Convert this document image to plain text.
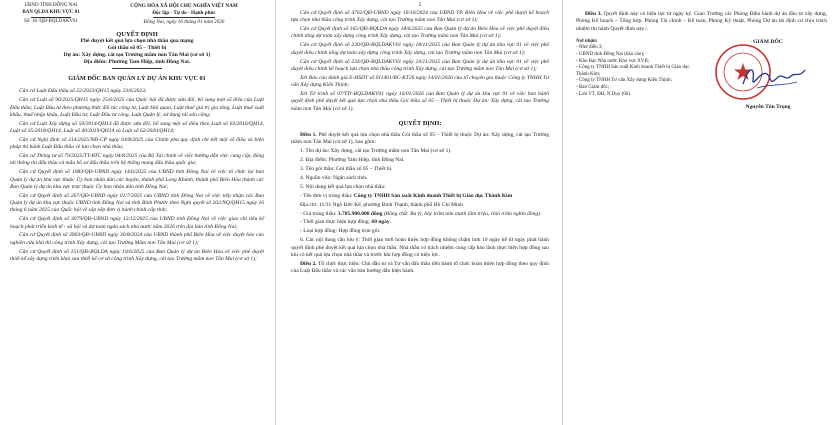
UBND TỈNH ĐỒNG NAI
BAN QLDA KHU VỰC 01
Số: 16 /QĐ-BQLDAKV01
CỘNG HÒA XÃ HỘI CHỦ NGHĨA VIỆT NAM
Độc lập - Tự do - Hạnh phúc
Đồng Nai, ngày 16 tháng 01 năm 2026
QUYẾT ĐỊNH
Phê duyệt kết quả lựa chọn nhà thầu qua mạng
Gói thầu số 05 – Thiết bị
Dự án: Xây dựng, cải tạo Trường mầm non Tân Mai (cơ sở 1)
Địa điểm: Phường Tam Hiệp, tỉnh Đồng Nai.
GIÁM ĐỐC BAN QUẢN LÝ DỰ ÁN KHU VỰC 01

Căn cứ Luật Đấu thầu số 22/2023/QH15 ngày 23/6/2023;

Căn cứ Luật số 90/2025/QH15 ngày 25/6/2025 của Quốc hội đã được sửa đổi, bổ sung một số điều của Luật Đấu thầu; Luật Đầu tư theo phương thức đối tác công tư, Luật Hải quan, Luật thuế giá trị gia tăng, Luật thuế xuất khẩu, thuế nhập khẩu, Luật Đầu tư, Luật Đầu tư công, Luật Quản lý, sử dụng tài sản công;

Căn cứ Luật Xây dựng số 50/2014/QH13 đã được sửa đổi, bổ sung một số điều theo Luật số 03/2016/QH14, Luật số 35/2018/QH14, Luật số 40/2019/QH14 và Luật số 62/2020/QH14;

Căn cứ Nghị định số 214/2025/NĐ-CP ngày 04/8/2025 của Chính phủ quy định chi tiết một số điều và biện pháp thi hành Luật Đấu thầu về lựa chọn nhà thầu;

Căn cứ Thông tư số 79/2025/TT-BTC ngày 04/8/2025 của Bộ Tài chính về việc hướng dẫn việc cung cấp, đăng tải thông tin đấu thầu và mẫu hồ sơ đấu thầu trên hệ thống mạng đấu thầu quốc gia;

Căn cứ Quyết định số 1983/QĐ-UBND ngày 14/6/2025 của UBND tỉnh Đồng Nai về việc tổ chức lại ban Quản lý dự án khu vực thuộc Ủy ban nhân dân các huyện, thành phố Long Khánh, thành phố Biên Hòa thành các Ban Quản lý dự án khu vực trực thuộc Ủy ban nhân dân tỉnh Đồng Nai;

Căn cứ Quyết định số 267/QĐ-UBND ngày 01/7/2025 của UBND tỉnh Đồng Nai về việc tiếp nhận các Ban Quản lý dự án khu vực thuộc UBND tỉnh Đồng Nai và tỉnh Bình Phước theo Nghị quyết số 202/NQ/QH15 ngày 16 tháng 6 năm 2025 của Quốc hội về sắp xếp đơn vị hành chính cấp tỉnh;

Căn cứ Quyết định số 3079/QĐ-UBND ngày 12/12/2025 của UBND tỉnh Đồng Nai về việc giao chỉ tiêu kế hoạch phát triển kinh tế - xã hội và dự toán ngân sách nhà nước năm 2026 trên địa bàn tỉnh Đồng Nai;

Căn cứ Quyết định số 3903/QĐ-UBND ngày 30/8/2024 của UBND thành phố Biên Hòa về việc duyệt báo cáo nghiên cứu khả thi công trình Xây dựng, cải tạo Trường Mầm non Tân Mai (cơ sở 1);

Căn cứ Quyết định số 151/QĐ-BQLDA ngày 10/6/2025 của Ban Quản lý dự án Biên Hòa về việc phê duyệt thiết kế xây dựng triển khai sau thiết kế cơ sở công trình Xây dựng, cải tạo Trường mầm non Tân Mai (cơ sở 1);

2

Căn cứ Quyết định số 4762/QĐ-UBND ngày 16/10/2024 của UBND TP. Biên Hòa về việc phê duyệt kế hoạch lựa chọn nhà thầu công trình Xây dựng, cải tạo Trường mầm non Tân Mai (cơ sở 1);

Căn cứ Quyết định số 165/QĐ-BQLDA ngày 18/6/2025 của Ban Quản lý dự án Biên Hòa về việc phê duyệt điều chỉnh tổng dự toán xây dựng công trình Xây dựng, cải tạo Trường mầm non Tân Mai (cơ sở 1);

Căn cứ Quyết định số 230/QĐ-BQLDAKV01 ngày 18/11/2025 của Ban Quản lý dự án khu vực 01 về việc phê duyệt điều chỉnh tổng dự toán xây dựng công trình Xây dựng, cải tạo Trường mầm non Tân Mai (cơ sở 1);

Căn cứ Quyết định số 234/QĐ-BQLDAKV01 ngày 24/11/2025 của Ban Quản lý dự án khu vực 01 về việc phê duyệt điều chỉnh kế hoạch lựa chọn nhà thầu công trình Xây dựng, cải tạo Trường mầm non Tân Mai (cơ sở 1);

Xét Báo cáo đánh giá E-HSDT số 011401/BC-KT26 ngày 14/01/2026 của tổ chuyên gia thuộc Công ty TNHH Tư vấn Xây dựng Kiến Thịnh;

Xét Tờ trình số 07/TTr-BQLDAKV01 ngày 16/01/2026 của Ban Quản lý dự án khu vực 01 về việc ban hành quyết định phê duyệt kết quả lựa chọn nhà thầu Gói thầu số 05 – Thiết bị thuộc Dự án: Xây dựng, cải tạo Trường mầm non Tân Mai (cơ sở 1).

QUYẾT ĐỊNH:

Điều 1. Phê duyệt kết quả lựa chọn nhà thầu Gói thầu số 05 – Thiết bị thuộc Dự án: Xây dựng, cải tạo Trường mầm non Tân Mai (cơ sở 1), bao gồm:

1. Tên dự án: Xây dựng, cải tạo Trường mầm non Tân Mai (cơ sở 1).

2. Địa điểm: Phường Tam Hiệp, tỉnh Đồng Nai.

3. Tên gói thầu: Gói thầu số 05 – Thiết bị.

4. Nguồn vốn: Ngân sách tỉnh.

5. Nội dung kết quả lựa chọn nhà thầu:

- Tên đơn vị trúng thầu: Công ty TNHH Sản xuất Kinh doanh Thiết bị Giáo dục Thành Kim

Địa chỉ: 11/31 Ngô Đức Kế, phường Bình Thạnh, thành phố Hồ Chí Minh

- Giá trúng thầu: 3.785.900.000 đồng (Bằng chữ: Ba tỷ, bảy trăm tám mươi lăm triệu, chín trăm nghìn đồng).

- Thời gian thực hiện hợp đồng: 60 ngày.

- Loại hợp đồng: Hợp đồng trọn gói.

6. Các nội dung cần lưu ý: Thời gian mời hoàn thiện hợp đồng không chậm hơn 10 ngày kể từ ngày phát hành quyết định phê duyệt kết quả lựa chọn nhà thầu. Nhà thầu có trách nhiệm cung cấp bảo lãnh thực hiện hợp đồng sau khi có kết quả lựa chọn nhà thầu và trước khi hợp đồng có hiệu lực.

Điều 2. Tổ chức thực hiện: Chủ đầu tư và Tư vấn đấu thầu tiến hành tổ chức hoàn thiện hợp đồng theo quy định của Luật Đấu thầu và các văn bản hướng dẫn hiện hành.

Điều 3. Quyết định này có hiệu lực từ ngày ký. Giao Trưởng các Phòng Điều hành dự án đầu tư xây dựng, Phòng Kế hoạch – Tổng hợp, Phòng Tài chính – Kế toán, Phòng Kỹ thuật, Phòng Dự án tài định cư chịu trách nhiệm thi hành Quyết định này./.

Nơi nhận:
- Như điều 3;
- UBND tỉnh Đồng Nai (báo cáo);
- Kho Bạc Nhà nước Khu vực XVII;
- Công ty TNHH Sản xuất Kinh doanh Thiết bị Giáo dục Thành Kim;
- Công ty TNHH Tư vấn Xây dựng Kiến Thịnh;
- Ban Giám đốc;
- Lưu VT, ĐH, N.Duy (6b).
GIÁM ĐỐC
Nguyễn Tôn Trọng
